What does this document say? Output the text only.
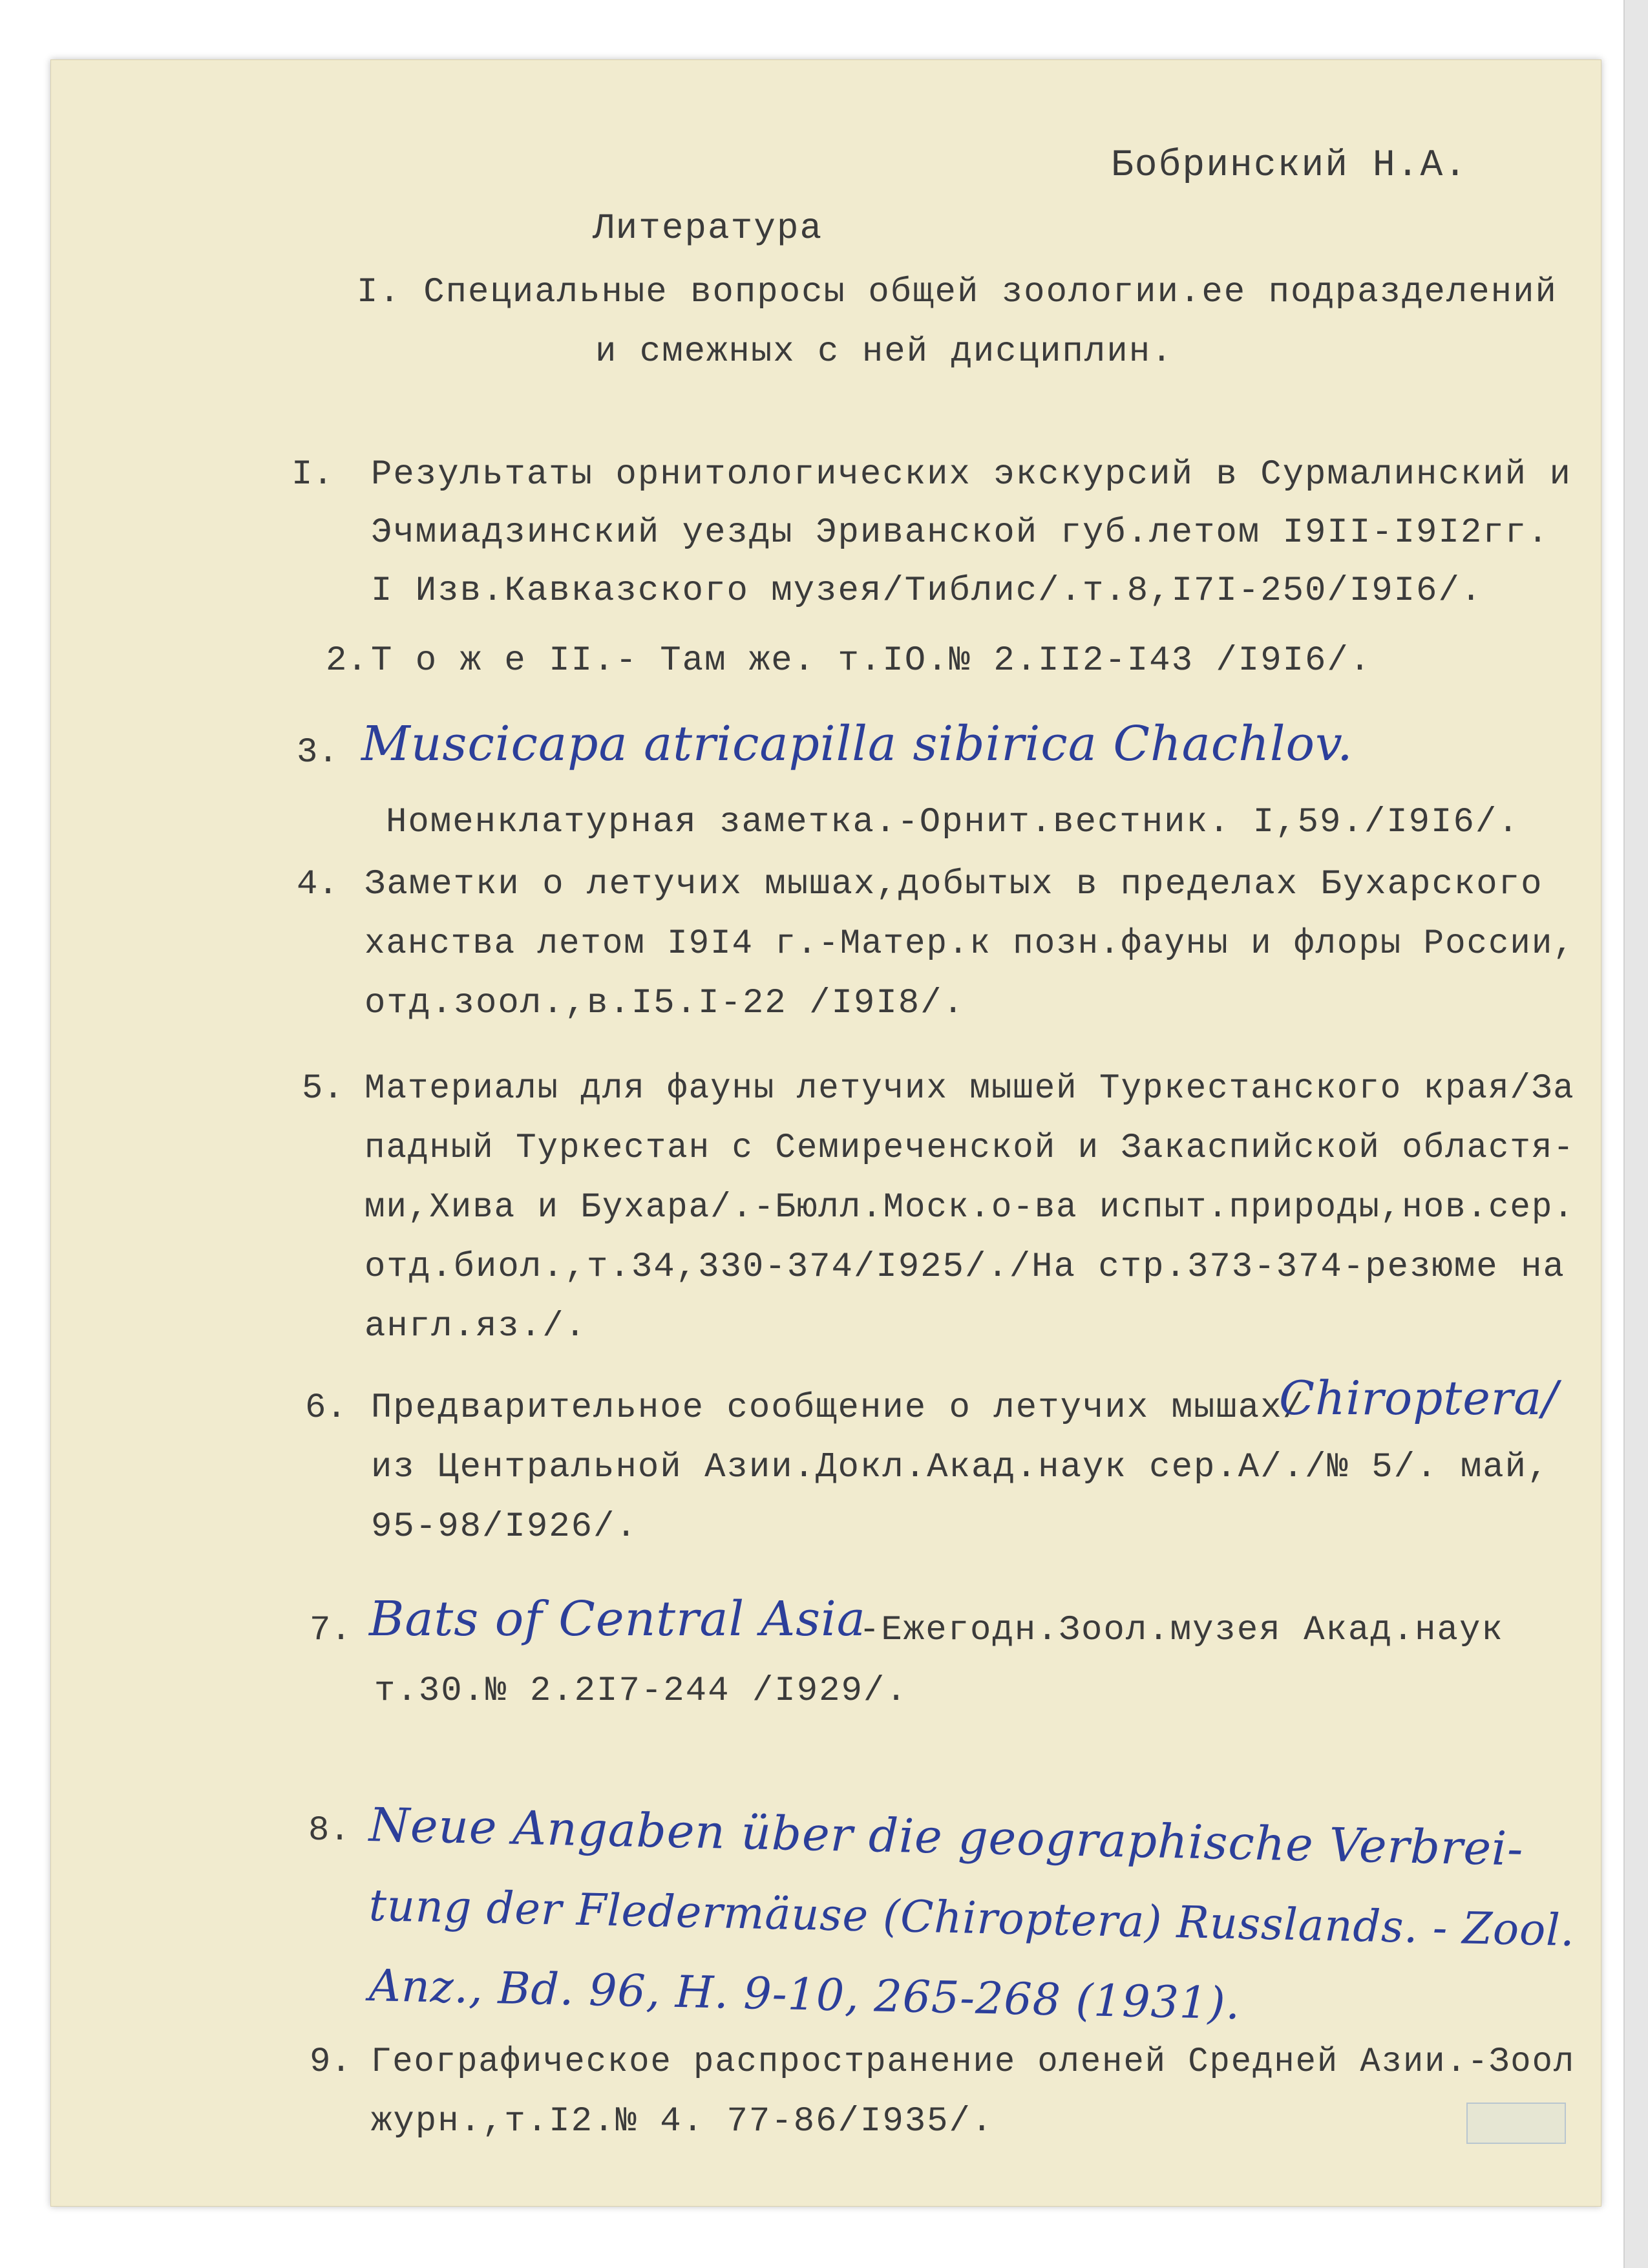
Бобринский Н.А.
Литература
I. Специальные вопросы общей зоологии.ее подразделений
и смежных с ней дисциплин.
I. Результаты орнитологических экскурсий в Сурмалинский и
Эчмиадзинский уезды Эриванской губ.летом I9II-I9I2гг.
I Изв.Кавказского музея/Тиблис/.т.8,I7I-250/I9I6/.
2. Т о ж е II.- Там же. т.IO.№ 2.II2-I43 /I9I6/.
3. Muscicapa atricapilla sibirica Chachlov.
Номенклатурная заметка.-Орнит.вестник. I,59./I9I6/.
4. Заметки о летучих мышах,добытых в пределах Бухарского
ханства летом I9I4 г.-Матер.к позн.фауны и флоры России,
отд.зоол.,в.I5.I-22 /I9I8/.
5. Материалы для фауны летучих мышей Туркестанского края/За
падный Туркестан с Семиреченской и Закаспийской областя-
ми,Хива и Бухара/.-Бюлл.Моск.о-ва испыт.природы,нов.сер.
отд.биол.,т.34,330-374/I925/./На стр.373-374-резюме на
англ.яз./.
6. Предварительное сообщение о летучих мышах/
Chiroptera/
из Центральной Азии.Докл.Акад.наук сер.А/./№ 5/. май,
95-98/I926/.
7. Bats of Central Asia
-Ежегодн.Зоол.музея Акад.наук
т.30.№ 2.2I7-244 /I929/.
8. Neue Angaben über die geographische Verbrei-
tung der Fledermäuse (Chiroptera) Russlands. - Zool.
Anz., Bd. 96, H. 9-10, 265-268 (1931).
9. Географическое распространение оленей Средней Азии.-Зоол
журн.,т.I2.№ 4. 77-86/I935/.
